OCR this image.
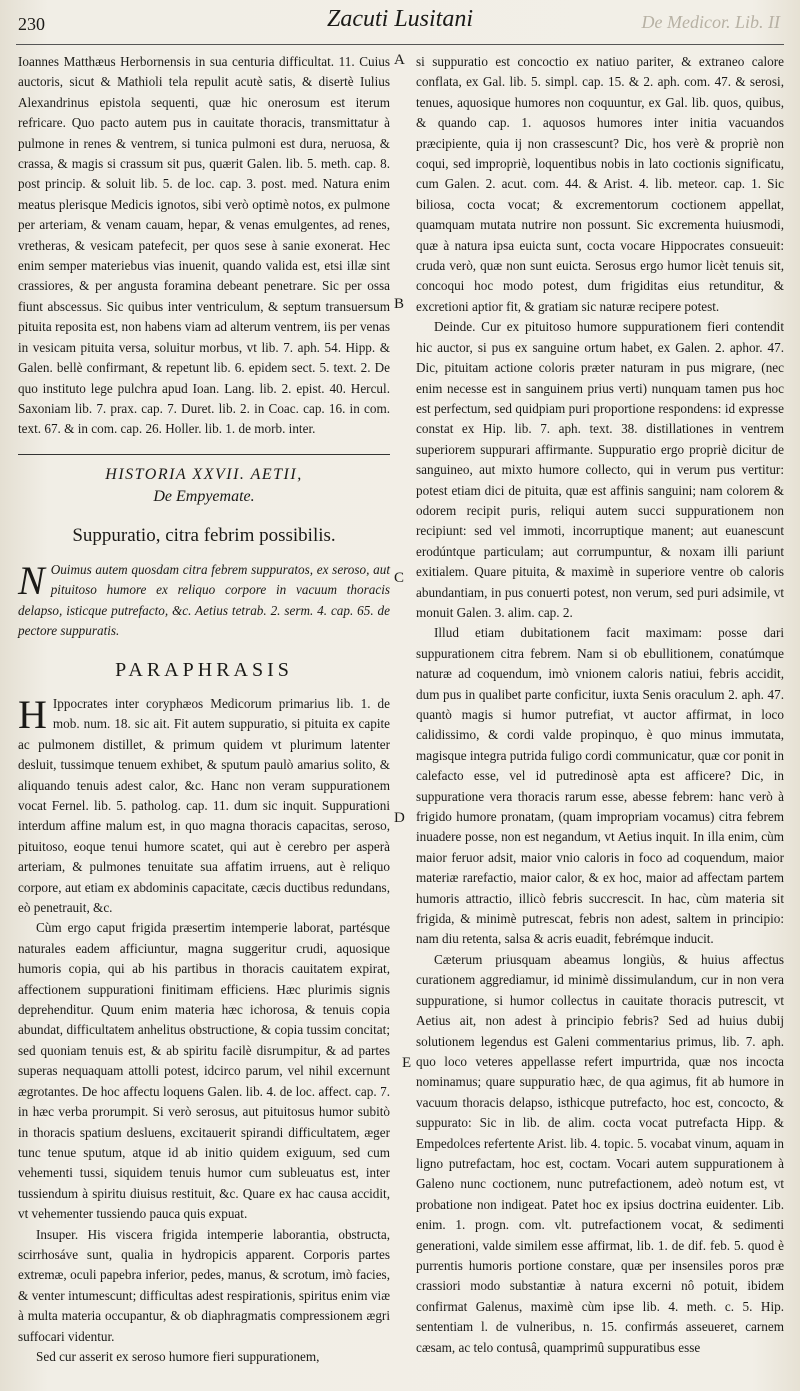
230	Zacuti Lusitani	De Medicor. Lib. II
A
B
C
D
E

Ioannes Matthæus Herbornensis in sua centuria difficultat. 11. Cuius auctoris, sicut & Mathioli tela repulit acutè satis, & disertè Iulius Alexandrinus epistola sequenti, quæ hic onerosum est iterum refricare. Quo pacto autem pus in cauitate thoracis, transmittatur à pulmone in renes & ventrem, si tunica pulmoni est dura, neruosa, & crassa, & magis si crassum sit pus, quærit Galen. lib. 5. meth. cap. 8. post princip. & soluit lib. 5. de loc. cap. 3. post. med. Natura enim meatus plerisque Medicis ignotos, sibi verò optimè notos, ex pulmone per arteriam, & venam cauam, hepar, & venas emulgentes, ad renes, vretheras, & vesicam patefecit, per quos sese à sanie exonerat. Hec enim semper materiebus vias inuenit, quando valida est, etsi illæ sint crassiores, & per angusta foramina debeant penetrare. Sic per ossa fiunt abscessus. Sic quibus inter ventriculum, & septum transuersum pituita reposita est, non habens viam ad alterum ventrem, iis per venas in vesicam pituita versa, soluitur morbus, vt lib. 7. aph. 54. Hipp. & Galen. bellè confirmant, & repetunt lib. 6. epidem sect. 5. text. 2. De quo instituto lege pulchra apud Ioan. Lang. lib. 2. epist. 40. Hercul. Saxoniam lib. 7. prax. cap. 7. Duret. lib. 2. in Coac. cap. 16. in com. text. 67. & in com. cap. 26. Holler. lib. 1. de morb. inter.

HISTORIA XXVII. AETII,
De Empyemate.
Suppuratio, citra febrim possibilis.

N Ouimus autem quosdam citra febrem suppuratos, ex seroso, aut pituitoso humore ex reliquo corpore in vacuum thoracis delapso, isticque putrefacto, &c. Aetius tetrab. 2. serm. 4. cap. 65. de pectore suppuratis.

PARAPHRASIS

H Ippocrates inter coryphæos Medicorum primarius lib. 1. de mob. num. 18. sic ait. Fit autem suppuratio, si pituita ex capite ac pulmonem distillet, & primum quidem vt plurimum latenter desluit, tussimque tenuem exhibet, & sputum paulò amarius solito, & aliquando tenuis adest calor, &c. Hanc non veram suppurationem vocat Fernel. lib. 5. patholog. cap. 11. dum sic inquit. Suppurationi interdum affine malum est, in quo magna thoracis capacitas, seroso, pituitoso, eoque tenui humore scatet, qui aut è cerebro per asperà arteriam, & pulmones tenuitate sua affatim irruens, aut è reliquo corpore, aut etiam ex abdominis capacitate, cæcis ductibus redundans, eò penetrauit, &c.

Cùm ergo caput frigida præsertim intemperie laborat, partésque naturales eadem afficiuntur, magna suggeritur crudi, aquosique humoris copia, qui ab his partibus in thoracis cauitatem expirat, affectionem suppurationi finitimam efficiens. Hæc plurimis signis deprehenditur. Quum enim materia hæc ichorosa, & tenuis copia abundat, difficultatem anhelitus obstructione, & copia tussim concitat; sed quoniam tenuis est, & ab spiritu facilè disrumpitur, & ad partes superas nequaquam attolli potest, idcirco parum, vel nihil excernunt ægrotantes. De hoc affectu loquens Galen. lib. 4. de loc. affect. cap. 7. in hæc verba prorumpit. Si verò serosus, aut pituitosus humor subitò in thoracis spatium desluens, excitauerit spirandi difficultatem, æger tunc tenue sputum, atque id ab initio quidem exiguum, sed cum vehementi tussi, siquidem tenuis humor cum subleuatus est, inter tussiendum à spiritu diuisus restituit, &c. Quare ex hac causa accidit, vt vehementer tussiendo pauca quis expuat.

Insuper. His viscera frigida intemperie laborantia, obstructa, scirrhosáve sunt, qualia in hydropicis apparent. Corporis partes extremæ, oculi papebra inferior, pedes, manus, & scrotum, imò facies, & venter intumescunt; difficultas adest respirationis, spiritus enim viæ à multa materia occupantur, & ob diaphragmatis compressionem ægri suffocari videntur.

Sed cur asserit ex seroso humore fieri suppurationem,

si suppuratio est concoctio ex natiuo pariter, & extraneo calore conflata, ex Gal. lib. 5. simpl. cap. 15. & 2. aph. com. 47. & serosi, tenues, aquosique humores non coquuntur, ex Gal. lib. quos, quibus, & quando cap. 1. aquosos humores inter initia vacuandos præcipiente, quia ij non crassescunt? Dic, hos verè & propriè non coqui, sed impropriè, loquentibus nobis in lato coctionis significatu, cum Galen. 2. acut. com. 44. & Arist. 4. lib. meteor. cap. 1. Sic biliosa, cocta vocat; & excrementorum coctionem appellat, quamquam mutata nutrire non possunt. Sic excrementa huiusmodi, quæ à natura ipsa euicta sunt, cocta vocare Hippocrates consueuit: cruda verò, quæ non sunt euicta. Serosus ergo humor licèt tenuis sit, concoqui hoc modo potest, dum frigiditas eius retunditur, & excretioni aptior fit, & gratiam sic naturæ recipere potest.

Deinde. Cur ex pituitoso humore suppurationem fieri contendit hic auctor, si pus ex sanguine ortum habet, ex Galen. 2. aphor. 47. Dic, pituitam actione coloris præter naturam in pus migrare, (nec enim necesse est in sanguinem prius verti) nunquam tamen pus hoc est perfectum, sed quidpiam puri proportione respondens: id expresse constat ex Hip. lib. 7. aph. text. 38. distillationes in ventrem superiorem suppurari affirmante. Suppuratio ergo propriè dicitur de sanguineo, aut mixto humore collecto, qui in verum pus vertitur: potest etiam dici de pituita, quæ est affinis sanguini; nam colorem & odorem recipit puris, reliqui autem succi suppurationem non recipiunt: sed vel immoti, incorruptique manent; aut euanescunt erodúntque particulam; aut corrumpuntur, & noxam illi pariunt exitialem. Quare pituita, & maximè in superiore ventre ob caloris abundantiam, in pus conuerti potest, non verum, sed puri adsimile, vt monuit Galen. 3. alim. cap. 2.

Illud etiam dubitationem facit maximam: posse dari suppurationem citra febrem. Nam si ob ebullitionem, conatúmque naturæ ad coquendum, imò vnionem caloris natiui, febris accidit, dum pus in qualibet parte conficitur, iuxta Senis oraculum 2. aph. 47. quantò magis si humor putrefiat, vt auctor affirmat, in loco calidissimo, & cordi valde propinquo, è quo minus immutata, magisque integra putrida fuligo cordi communicatur, quæ cor ponit in calefacto esse, vel id putredinosè apta est afficere? Dic, in suppuratione vera thoracis rarum esse, abesse febrem: hanc verò à frigido humore pronatam, (quam impropriam vocamus) citra febrem inuadere posse, non est negandum, vt Aetius inquit. In illa enim, cùm maior feruor adsit, maior vnio caloris in foco ad coquendum, maior materiæ rarefactio, maior calor, & ex hoc, maior ad affectam partem humoris attractio, illicò febris succrescit. In hac, cùm materia sit frigida, & minimè putrescat, febris non adest, saltem in principio: nam diu retenta, salsa & acris euadit, febrémque inducit.

Cæterum priusquam abeamus longiùs, & huius affectus curationem aggrediamur, id minimè dissimulandum, cur in non vera suppuratione, si humor collectus in cauitate thoracis putrescit, vt Aetius ait, non adest à principio febris? Sed ad huius dubij solutionem legendus est Galeni commentarius primus, lib. 7. aph. quo loco veteres appellasse refert impurtrida, quæ nos incocta nominamus; quare suppuratio hæc, de qua agimus, fit ab humore in vacuum thoracis delapso, isthicque putrefacto, hoc est, concocto, & suppurato: Sic in lib. de alim. cocta vocat putrefacta Hipp. & Empedolces refertente Arist. lib. 4. topic. 5. vocabat vinum, aquam in ligno putrefactam, hoc est, coctam. Vocari autem suppurationem à Galeno nunc coctionem, nunc putrefactionem, adeò notum est, vt probatione non indigeat. Patet hoc ex ipsius doctrina euidenter. Lib. enim. 1. progn. com. vlt. putrefactionem vocat, & sedimenti generationi, valde similem esse affirmat, lib. 1. de dif. feb. 5. quod è purrentis humoris portione constare, quæ per insensiles poros præ crassiori modo substantiæ à natura excerni nô potuit, ibidem confirmat Galenus, maximè cùm ipse lib. 4. meth. c. 5. Hip. sententiam l. de vulneribus, n. 15. confirmás asseueret, carnem cæsam, ac telo contusâ, quamprimû suppuratibus esse
